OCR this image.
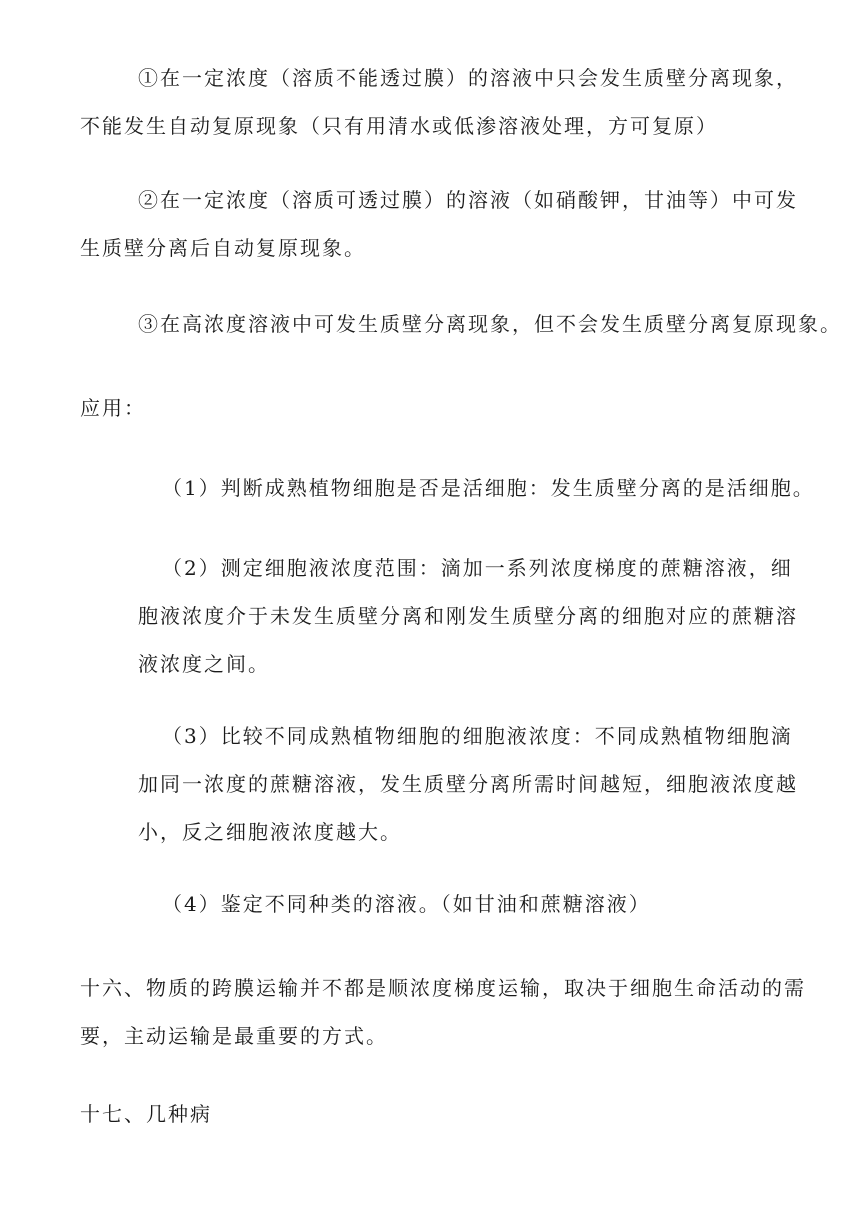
①在一定浓度（溶质不能透过膜）的溶液中只会发生质壁分离现象，不能发生自动复原现象（只有用清水或低渗溶液处理，方可复原）

②在一定浓度（溶质可透过膜）的溶液（如硝酸钾，甘油等）中可发生质壁分离后自动复原现象。

③在高浓度溶液中可发生质壁分离现象，但不会发生质壁分离复原现象。

应用：

（1）判断成熟植物细胞是否是活细胞：发生质壁分离的是活细胞。

（2）测定细胞液浓度范围：滴加一系列浓度梯度的蔗糖溶液，细胞液浓度介于未发生质壁分离和刚发生质壁分离的细胞对应的蔗糖溶液浓度之间。

（3）比较不同成熟植物细胞的细胞液浓度：不同成熟植物细胞滴加同一浓度的蔗糖溶液，发生质壁分离所需时间越短，细胞液浓度越小，反之细胞液浓度越大。

（4）鉴定不同种类的溶液。（如甘油和蔗糖溶液）

十六、物质的跨膜运输并不都是顺浓度梯度运输，取决于细胞生命活动的需要，主动运输是最重要的方式。

十七、几种病
